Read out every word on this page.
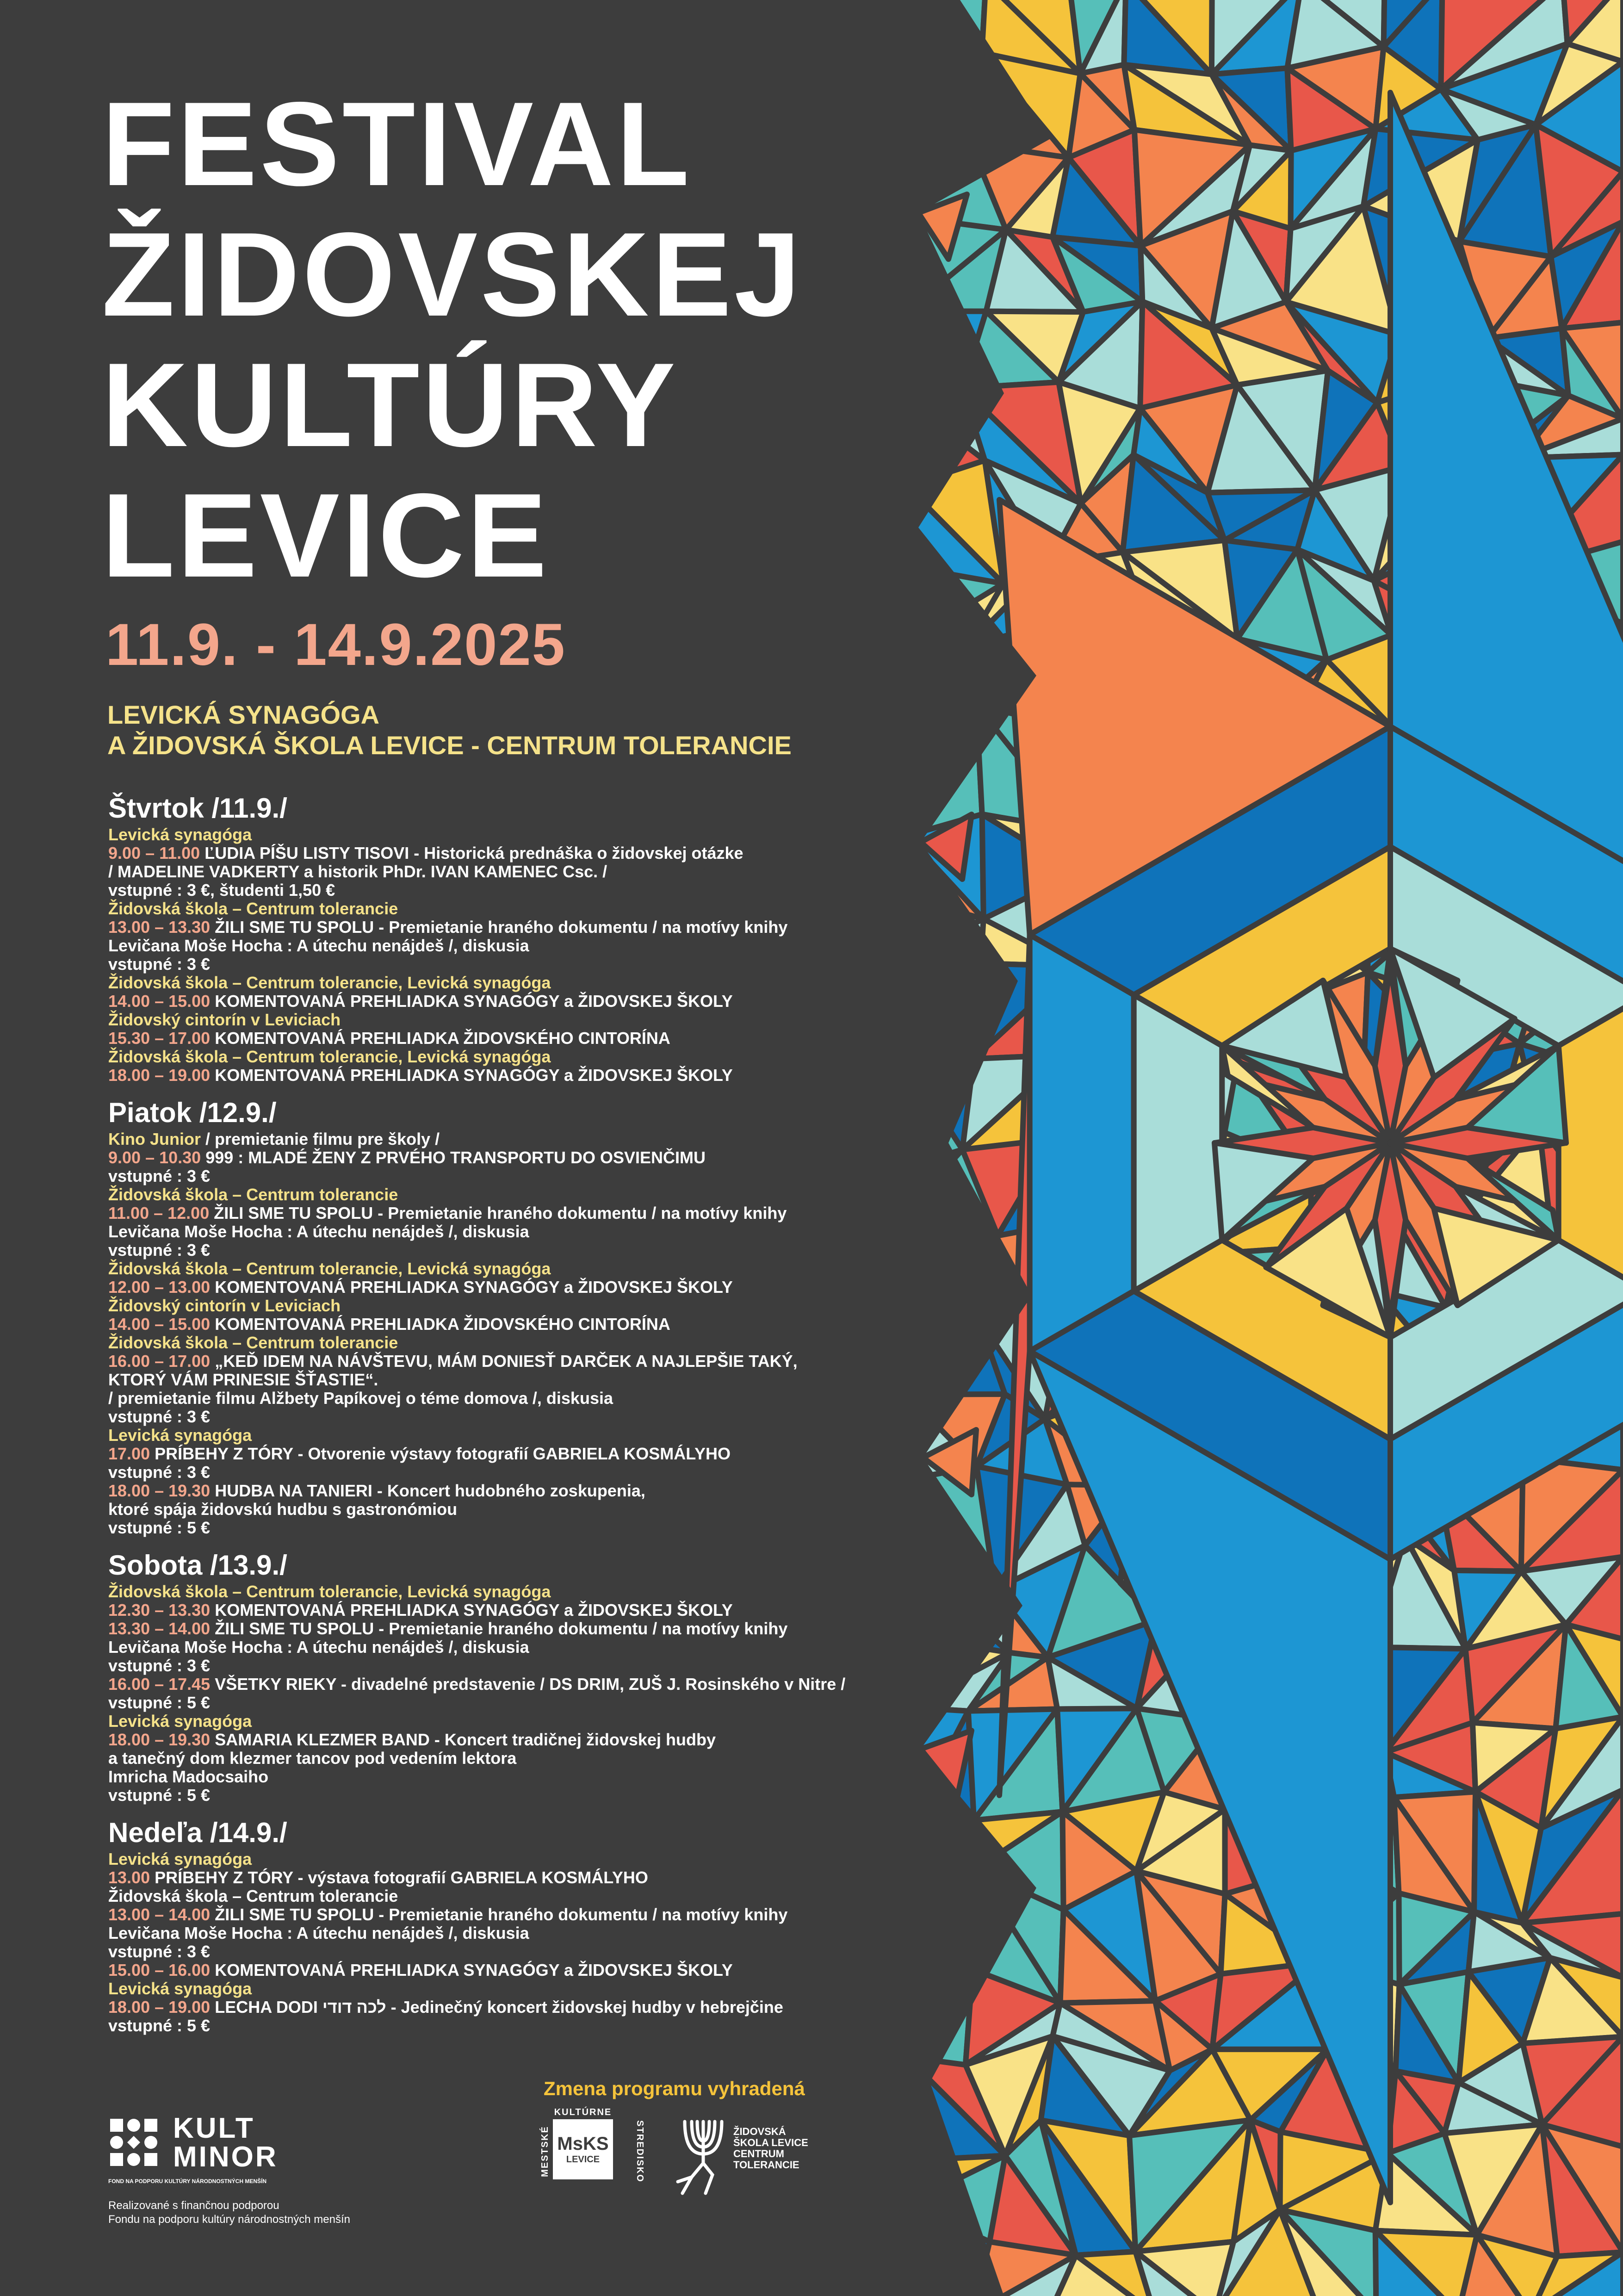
FESTIVAL
ŽIDOVSKEJ
KULTÚRY
LEVICE
11.9. - 14.9.2025
LEVICKÁ SYNAGÓGA
A ŽIDOVSKÁ ŠKOLA LEVICE - CENTRUM TOLERANCIE
Štvrtok /11.9./
Levická synagóga
9.00 – 11.00 ĽUDIA PÍŠU LISTY TISOVI - Historická prednáška o židovskej otázke
/ MADELINE VADKERTY a historik PhDr. IVAN KAMENEC Csc. /
vstupné : 3 €, študenti 1,50 €
Židovská škola – Centrum tolerancie
13.00 – 13.30 ŽILI SME TU SPOLU - Premietanie hraného dokumentu / na motívy knihy
Levičana Moše Hocha : A útechu nenájdeš /, diskusia
vstupné : 3 €
Židovská škola – Centrum tolerancie, Levická synagóga
14.00 – 15.00 KOMENTOVANÁ PREHLIADKA SYNAGÓGY a ŽIDOVSKEJ ŠKOLY
Židovský cintorín v Leviciach
15.30 – 17.00 KOMENTOVANÁ PREHLIADKA ŽIDOVSKÉHO CINTORÍNA
Židovská škola – Centrum tolerancie, Levická synagóga
18.00 – 19.00 KOMENTOVANÁ PREHLIADKA SYNAGÓGY a ŽIDOVSKEJ ŠKOLY
Piatok /12.9./
Kino Junior / premietanie filmu pre školy /
9.00 – 10.30 999 : MLADÉ ŽENY Z PRVÉHO TRANSPORTU DO OSVIENČIMU
vstupné : 3 €
Židovská škola – Centrum tolerancie
11.00 – 12.00 ŽILI SME TU SPOLU - Premietanie hraného dokumentu / na motívy knihy
Levičana Moše Hocha : A útechu nenájdeš /, diskusia
vstupné : 3 €
Židovská škola – Centrum tolerancie, Levická synagóga
12.00 – 13.00 KOMENTOVANÁ PREHLIADKA SYNAGÓGY a ŽIDOVSKEJ ŠKOLY
Židovský cintorín v Leviciach
14.00 – 15.00 KOMENTOVANÁ PREHLIADKA ŽIDOVSKÉHO CINTORÍNA
Židovská škola – Centrum tolerancie
16.00 – 17.00 „KEĎ IDEM NA NÁVŠTEVU, MÁM DONIESŤ DARČEK A NAJLEPŠIE TAKÝ,
KTORÝ VÁM PRINESIE ŠŤASTIE“.
/ premietanie filmu Alžbety Papíkovej o téme domova /, diskusia
vstupné : 3 €
Levická synagóga
17.00 PRÍBEHY Z TÓRY - Otvorenie výstavy fotografií GABRIELA KOSMÁLYHO
vstupné : 3 €
18.00 – 19.30 HUDBA NA TANIERI - Koncert hudobného zoskupenia,
ktoré spája židovskú hudbu s gastronómiou
vstupné : 5 €
Sobota /13.9./
Židovská škola – Centrum tolerancie, Levická synagóga
12.30 – 13.30 KOMENTOVANÁ PREHLIADKA SYNAGÓGY a ŽIDOVSKEJ ŠKOLY
13.30 – 14.00 ŽILI SME TU SPOLU - Premietanie hraného dokumentu / na motívy knihy
Levičana Moše Hocha : A útechu nenájdeš /, diskusia
vstupné : 3 €
16.00 – 17.45 VŠETKY RIEKY - divadelné predstavenie / DS DRIM, ZUŠ J. Rosinského v Nitre /
vstupné : 5 €
Levická synagóga
18.00 – 19.30 SAMARIA KLEZMER BAND - Koncert tradičnej židovskej hudby
a tanečný dom klezmer tancov pod vedením lektora
Imricha Madocsaiho
vstupné : 5 €
Nedeľa /14.9./
Levická synagóga
13.00 PRÍBEHY Z TÓRY - výstava fotografií GABRIELA KOSMÁLYHO
Židovská škola – Centrum tolerancie
13.00 – 14.00 ŽILI SME TU SPOLU - Premietanie hraného dokumentu / na motívy knihy
Levičana Moše Hocha : A útechu nenájdeš /, diskusia
vstupné : 3 €
15.00 – 16.00 KOMENTOVANÁ PREHLIADKA SYNAGÓGY a ŽIDOVSKEJ ŠKOLY
Levická synagóga
18.00 – 19.00 LECHA DODI לכה דודי - Jedinečný koncert židovskej hudby v hebrejčine
vstupné : 5 €
Zmena programu vyhradená
KULT
MINOR
FOND NA PODPORU KULTÚRY NÁRODNOSTNÝCH MENŠÍN
Realizované s finančnou podporou
Fondu na podporu kultúry národnostných menšín
KULTÚRNE
MESTSKÉ	STREDISKO
MsKS
LEVICE
ŽIDOVSKÁ
ŠKOLA LEVICE
CENTRUM
TOLERANCIE
